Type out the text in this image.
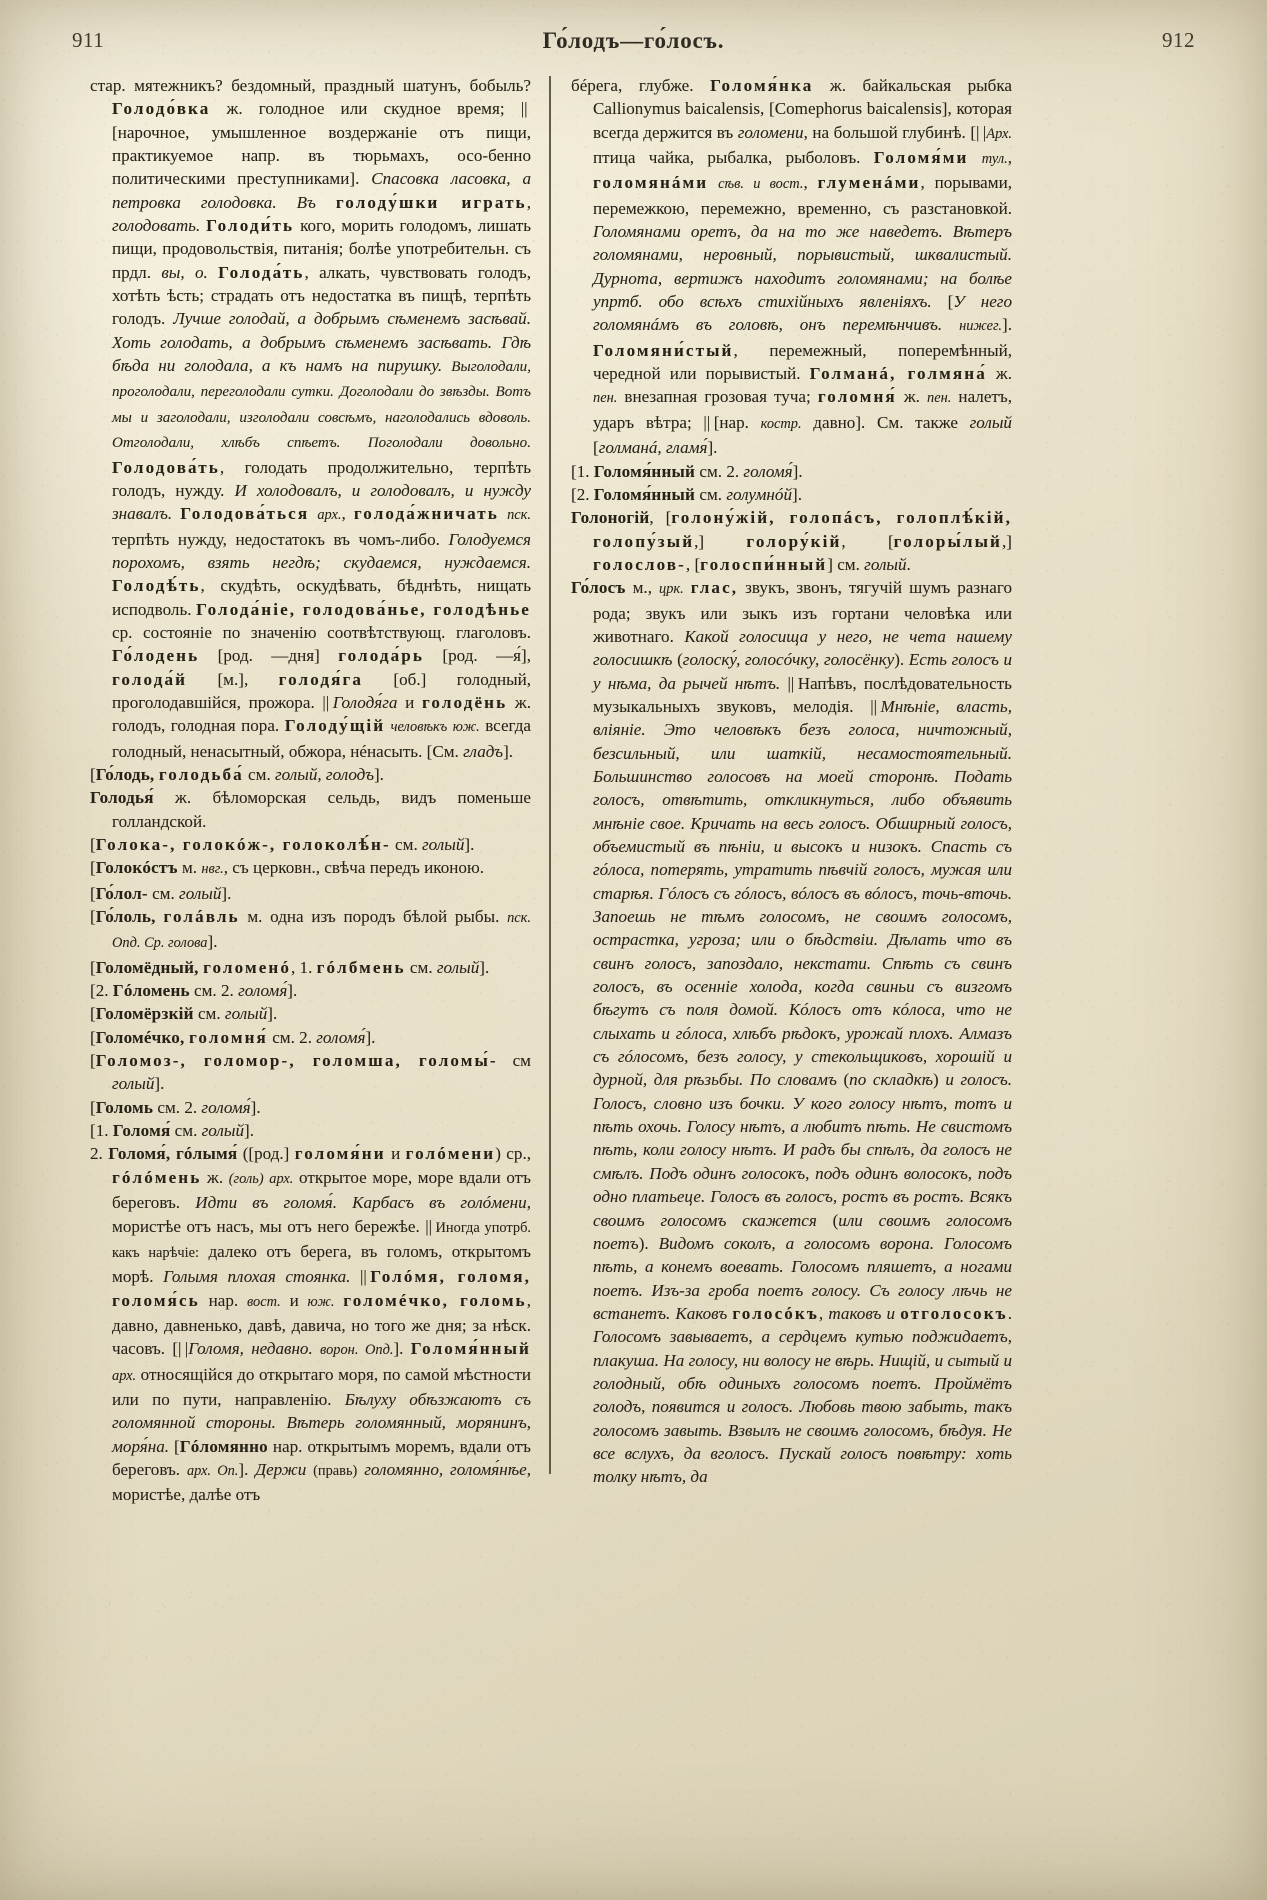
911	Го́лодъ—го́лосъ.	912

стар. мятежникъ? бездомный, праздный шатунъ, бобыль? Голодо́вка ж. голодное или скудное время; || [нарочное, умышленное воздержаніе отъ пищи, практикуемое напр. въ тюрьмахъ, осо‑бенно политическими преступниками]. Спасовка ласовка, а петровка голодовка. Въ голоду́шки играть, голодовать. Голоди́ть кого, морить голодомъ, лишать пищи, продовольствія, питанія; болѣе употребительн. съ прдл. вы, о. Голода́ть, алкать, чувствовать голодъ, хотѣть ѣсть; страдать отъ недостатка въ пищѣ, терпѣть голодъ. Лучше голодай, а добрымъ сѣменемъ засѣвай. Хоть голодать, а добрымъ сѣменемъ засѣвать. Гдѣ бѣда ни голодала, а къ намъ на пирушку. Выголодали, проголодали, переголодали сутки. Доголодали до звѣзды. Вотъ мы и заголодали, изголодали совсѣмъ, наголодались вдоволь. Отголодали, хлѣбъ спѣетъ. Поголодали довольно. Голодова́ть, голодать продолжительно, терпѣть голодъ, нужду. И холодовалъ, и голодовалъ, и нужду знавалъ. Голодова́ться арх., голода́жничать пск. терпѣть нужду, недостатокъ въ чомъ-либо. Голодуемся порохомъ, взять негдѣ; скудаемся, нуждаемся. Голодѣ́ть, скудѣть, оскудѣвать, бѣднѣть, нищать исподволь. Голода́ніе, голодова́нье, голодѣнье ср. состояніе по значенію соотвѣтствующ. глаголовъ. Го́лодень [род. —дня] голода́рь [род. —я́], голода́й [м.], голодя́га [об.] голодный, проголодавшійся, прожора. || Голодя́га и голодёнь ж. голодъ, голодная пора. Голоду́щій человѣкъ юж. всегда голодный, ненасытный, обжора, нéнасыть. [См. гладъ].

[Го́лодь, голодьба́ см. голый, голодъ].

Голодья́ ж. бѣломорская сельдь, видъ поменьше голландской.

[Голока-, голокóж-, голоколѣ́н- см. голый].

[Голокóстъ м. нвг., съ церковн., свѣча передъ иконою.

[Го́лол- см. голый].

[Го́лоль, голáвль м. одна изъ породъ бѣлой рыбы. пск. Опд. Ср. голова].

[Голомёдный, голоменó, 1. гóлбмень см. голый].

[2. Гóломень см. 2. голомя́].

[Голомёрзкій см. голый].

[Голомéчко, голомня́ см. 2. голомя́].

[Голомоз-, голомор-, голомша, голомы́- см голый].

[Голомь см. 2. голомя́].

[1. Голомя́ см. голый].

2. Голомя́, гóлымя́ ([род.] голомя́ни и голóмени) ср., гóлóмень ж. (голь) арх. открытое море, море вдали отъ береговъ. Идти въ голомя́. Карбасъ въ голóмени, мористѣе отъ насъ, мы отъ него бережѣе. || Иногда употрб. какъ нарѣчіе: далеко отъ берега, въ голомъ, открытомъ морѣ. Голымя плохая стоянка. || Голóмя, голомя, голомя́сь нар. вост. и юж. голомéчко, голомь, давно, давненько, давѣ, давича, но того же дня; за нѣск. часовъ. [| |Голомя, недавно. ворон. Опд.]. Голомя́нный арх. относящійся до открытаго моря, по самой мѣстности или по пути, направленію. Бѣлуху обѣзжаютъ съ голомянной стороны. Вѣтерь голомянный, морянинъ, моря́на. [Гóломянно нар. открытымъ моремъ, вдали отъ береговъ. арх. Оп.]. Держи (правь) голомянно, голомя́нѣе, мористѣе, далѣе отъ

бéрега, глубже. Голомя́нка ж. байкальская рыбка Callionymus baicalensis, [Comephorus baicalensis], которая всегда держится въ голомени, на большой глубинѣ. [| |Арх. птица чайка, рыбалка, рыболовъ. Голомя́ми тул., голомянáми сѣв. и вост., глуменáми, порывами, перемежкою, перемежно, временно, съ разстановкой. Голомянами оретъ, да на то же наведетъ. Вѣтеръ голомянами, неровный, порывистый, шквалистый. Дурнота, вертижъ находитъ голомянами; на болѣе упртб. обо всѣхъ стихійныхъ явленіяхъ. [У него голомянáмъ въ головѣ, онъ перемѣнчивъ. нижег.]. Голомяни́стый, перемежный, поперемѣнный, чередной или порывистый. Голманá, голмяна́ ж. пен. внезапная грозовая туча; голомня́ ж. пен. налетъ, ударъ вѣтра; || [нар. костр. давно]. См. также голый [голманá, гламя́].

[1. Голомя́нный см. 2. голомя́].

[2. Голомя́нный см. голумнóй].

Голоногій, [голону́жій, голопáсъ, голоплѣ́кій, голопу́зый,] голору́кій, [голоры́лый,] голослов-, [голоспи́нный] см. голый.

Го́лосъ м., црк. глас, звукъ, звонъ, тягучій шумъ разнаго рода; звукъ или зыкъ изъ гортани человѣка или животнаго. Какой голосища у него, не чета нашему голосишкѣ (голоску́, голосóчку, голосёнку). Есть голосъ и у нѣма, да рычей нѣтъ. || Напѣвъ, послѣдовательность музыкальныхъ звуковъ, мелодія. || Мнѣніе, власть, вліяніе. Это человѣкъ безъ голоса, ничтожный, безсильный, или шаткій, несамостоятельный. Большинство голосовъ на моей сторонѣ. Подать голосъ, отвѣтить, откликнуться, либо объявить мнѣніе свое. Кричать на весь голосъ. Обширный голосъ, объемистый въ пѣніи, и высокъ и низокъ. Спасть съ гóлоса, потерять, утратить пѣвчій голосъ, мужая или старѣя. Гóлосъ съ гóлосъ, вóлосъ въ вóлосъ, точь-вточь. Запоешь не тѣмъ голосомъ, не своимъ голосомъ, острастка, угроза; или о бѣдствіи. Дѣлать что въ свинъ голосъ, запоздало, некстати. Спѣть съ свинъ голосъ, въ осеннiе холода, когда свиньи съ визгомъ бѣгутъ съ поля домой. Кóлосъ отъ кóлоса, что не слыхать и гóлоса, хлѣбъ рѣдокъ, урожай плохъ. Алмазъ съ гóлосомъ, безъ голосу, у стекольщиковъ, хорошій и дурной, для рѣзьбы. По словамъ (по складкѣ) и голосъ. Голосъ, словно изъ бочки. У кого голосу нѣтъ, тотъ и пѣть охочь. Голосу нѣтъ, а любитъ пѣть. Не свистомъ пѣть, коли голосу нѣтъ. И радъ бы спѣлъ, да голосъ не смѣлъ. Подъ одинъ голосокъ, подъ одинъ волосокъ, подъ одно платьеце. Голосъ въ голосъ, ростъ въ ростъ. Всякъ своимъ голосомъ скажется (или своимъ голосомъ поетъ). Видомъ соколъ, а голосомъ ворона. Голосомъ пѣть, а конемъ воевать. Голосомъ пляшетъ, а ногами поетъ. Изъ-за гроба поетъ голосу. Съ голосу лѣчь не встанетъ. Каковъ голосóкъ, таковъ и отголосокъ. Голосомъ завываетъ, а сердцемъ кутью поджидаетъ, плакуша. На голосу, ни волосу не вѣрь. Нищій, и сытый и голодный, обѣ одиныхъ голосомъ поетъ. Проймётъ голодъ, появится и голосъ. Любовь твою забыть, такъ голосомъ завыть. Взвылъ не своимъ голосомъ, бѣдуя. Не все вслухъ, да вголосъ. Пускай голосъ повѣтру: хоть толку нѣтъ, да
